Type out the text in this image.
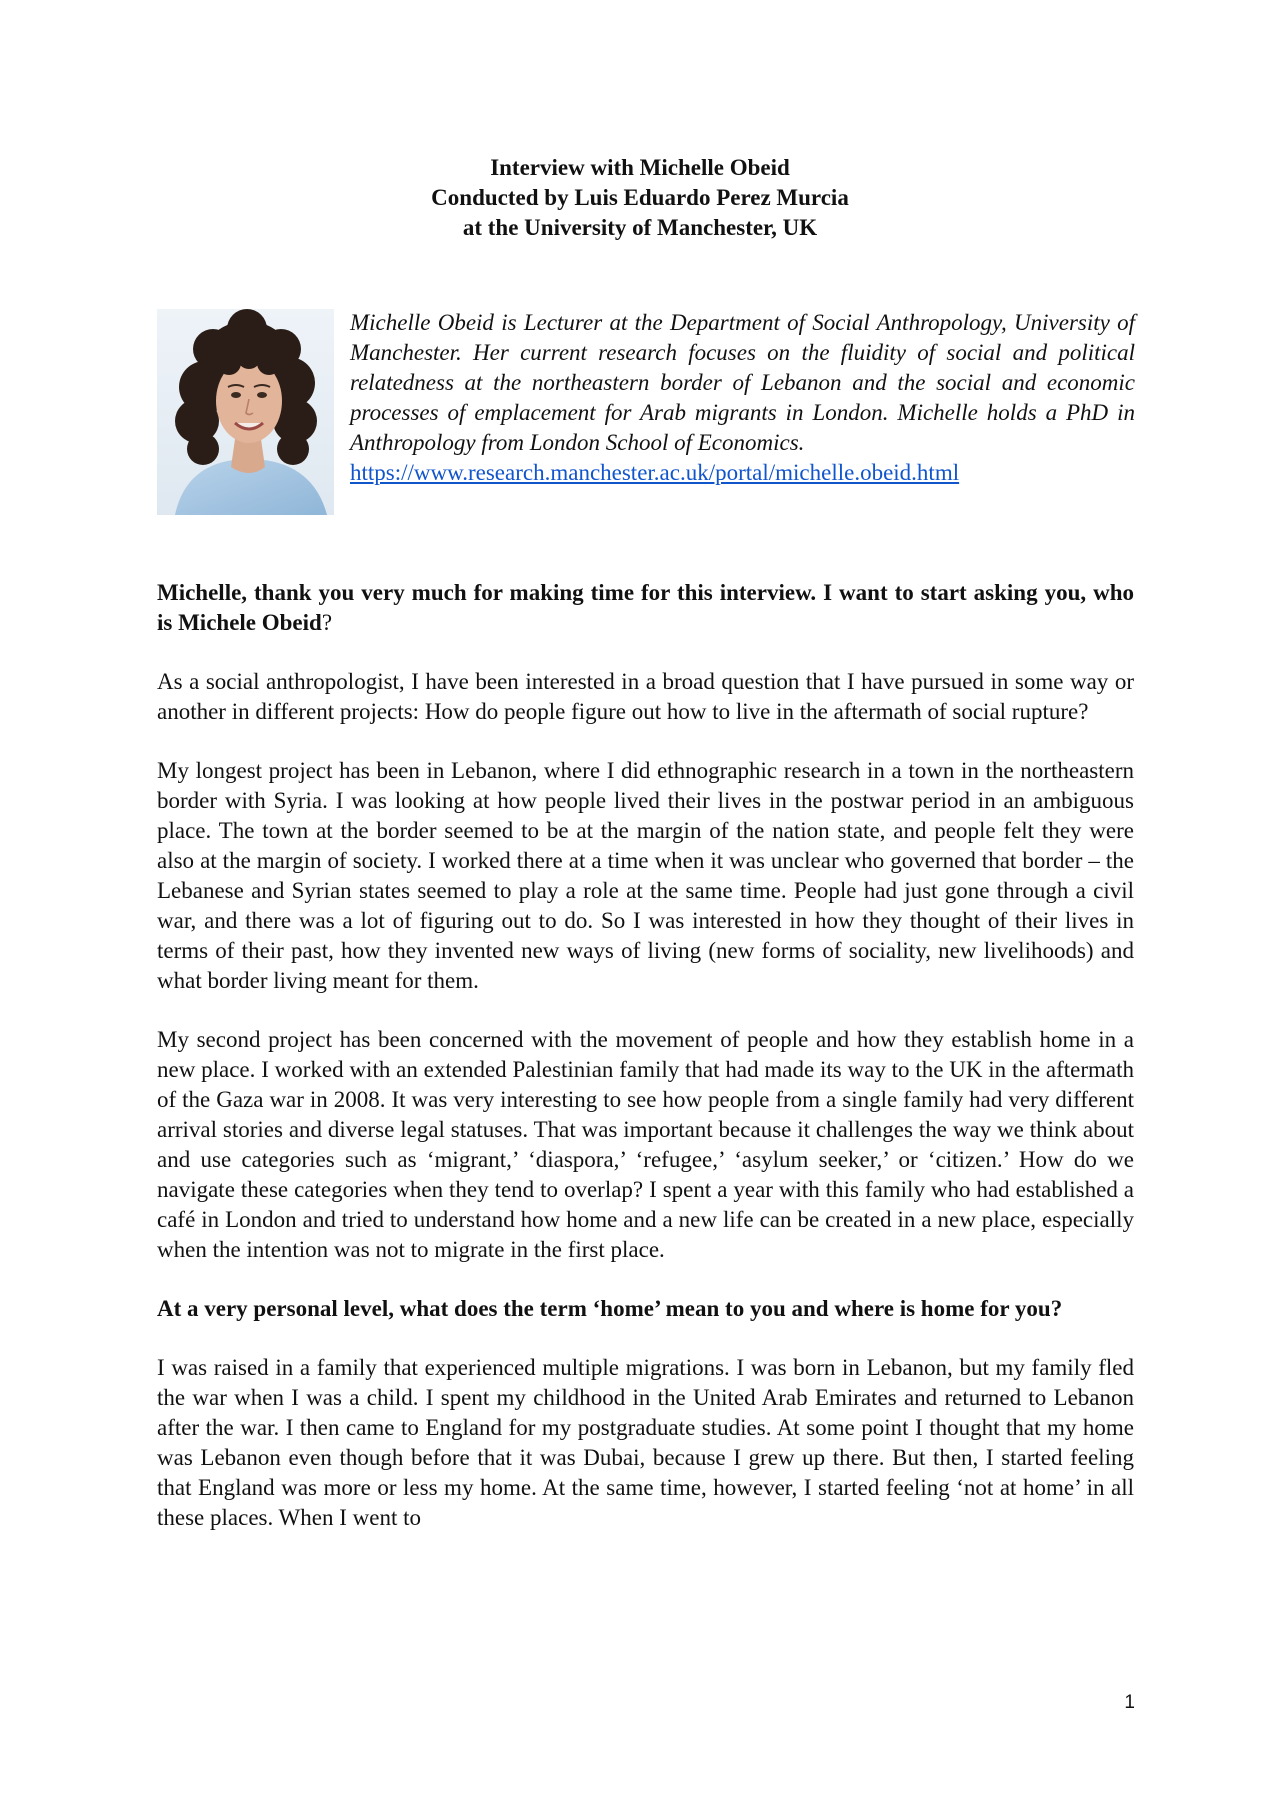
Interview with Michelle Obeid
Conducted by Luis Eduardo Perez Murcia
at the University of Manchester, UK
Michelle Obeid is Lecturer at the Department of Social Anthropology, University of Manchester. Her current research focuses on the fluidity of social and political relatedness at the northeastern border of Lebanon and the social and economic processes of emplacement for Arab migrants in London. Michelle holds a PhD in Anthropology from London School of Economics.
https://www.research.manchester.ac.uk/portal/michelle.obeid.html

Michelle, thank you very much for making time for this interview. I want to start asking you, who is Michele Obeid?

As a social anthropologist, I have been interested in a broad question that I have pursued in some way or another in different projects: How do people figure out how to live in the aftermath of social rupture?

My longest project has been in Lebanon, where I did ethnographic research in a town in the northeastern border with Syria. I was looking at how people lived their lives in the postwar period in an ambiguous place. The town at the border seemed to be at the margin of the nation state, and people felt they were also at the margin of society. I worked there at a time when it was unclear who governed that border – the Lebanese and Syrian states seemed to play a role at the same time. People had just gone through a civil war, and there was a lot of figuring out to do. So I was interested in how they thought of their lives in terms of their past, how they invented new ways of living (new forms of sociality, new livelihoods) and what border living meant for them.

My second project has been concerned with the movement of people and how they establish home in a new place. I worked with an extended Palestinian family that had made its way to the UK in the aftermath of the Gaza war in 2008. It was very interesting to see how people from a single family had very different arrival stories and diverse legal statuses. That was important because it challenges the way we think about and use categories such as ‘migrant,’ ‘diaspora,’ ‘refugee,’ ‘asylum seeker,’ or ‘citizen.’ How do we navigate these categories when they tend to overlap? I spent a year with this family who had established a café in London and tried to understand how home and a new life can be created in a new place, especially when the intention was not to migrate in the first place.

At a very personal level, what does the term ‘home’ mean to you and where is home for you?

I was raised in a family that experienced multiple migrations. I was born in Lebanon, but my family fled the war when I was a child. I spent my childhood in the United Arab Emirates and returned to Lebanon after the war. I then came to England for my postgraduate studies. At some point I thought that my home was Lebanon even though before that it was Dubai, because I grew up there. But then, I started feeling that England was more or less my home. At the same time, however, I started feeling ‘not at home’ in all these places. When I went to

1
